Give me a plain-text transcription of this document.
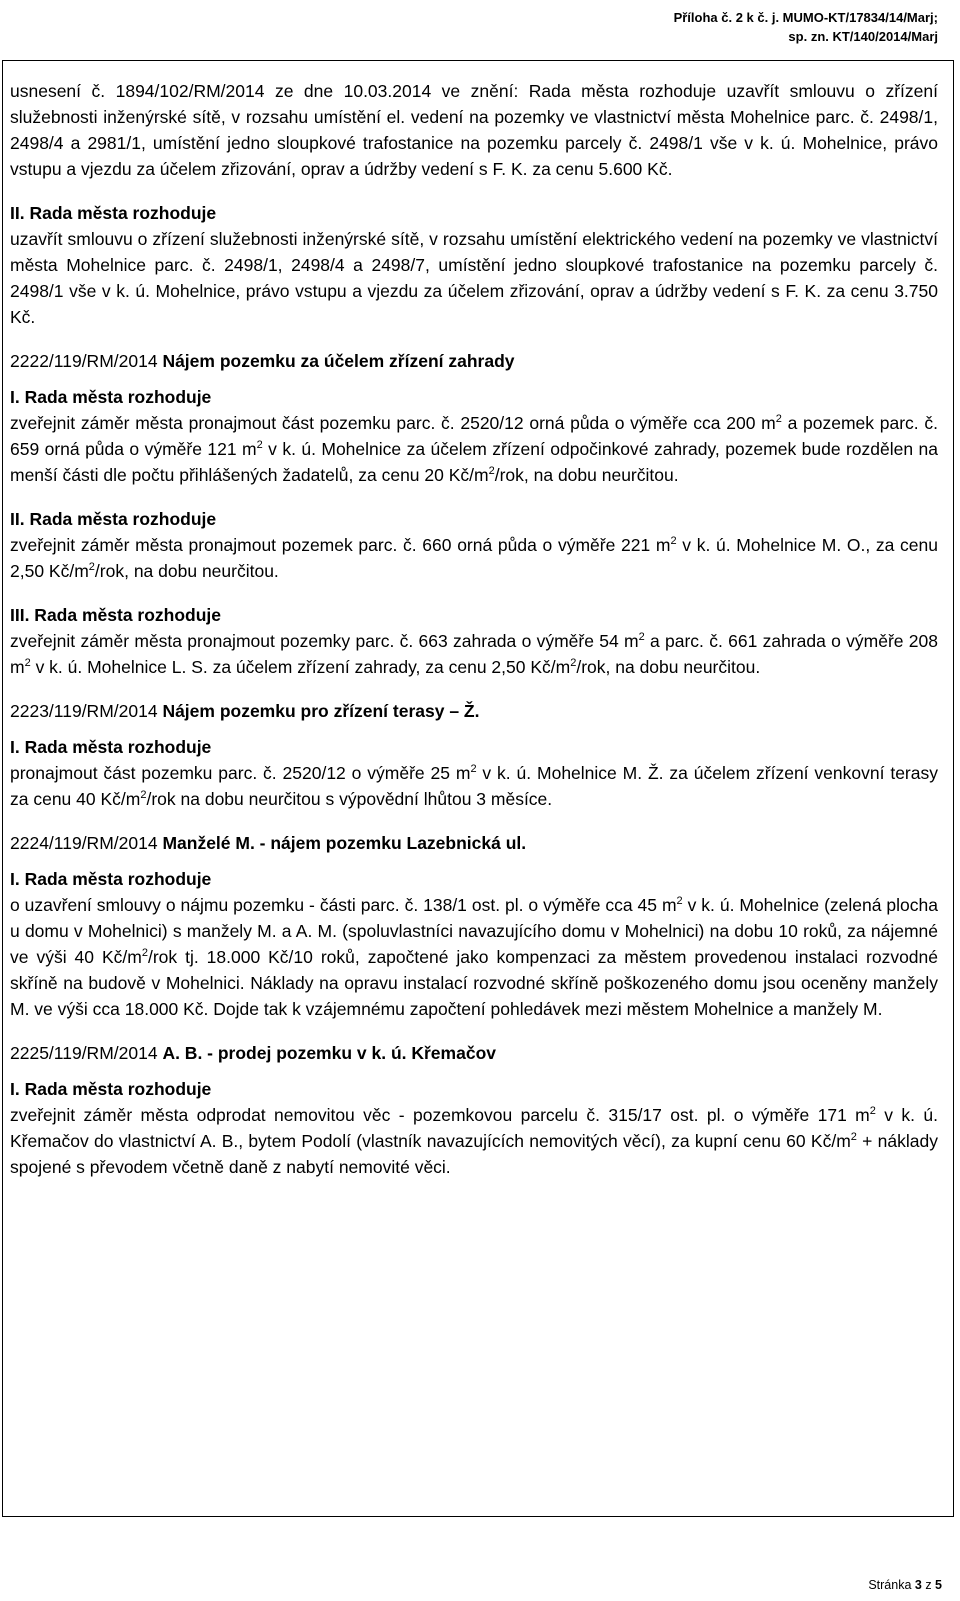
Příloha č. 2 k č. j. MUMO-KT/17834/14/Marj;
sp. zn. KT/140/2014/Marj

usnesení č. 1894/102/RM/2014 ze dne 10.03.2014 ve znění: Rada města rozhoduje uzavřít smlouvu o zřízení služebnosti inženýrské sítě, v rozsahu umístění el. vedení na pozemky ve vlastnictví města Mohelnice parc. č. 2498/1, 2498/4 a 2981/1, umístění jedno sloupkové trafostanice na pozemku parcely č. 2498/1 vše v k. ú. Mohelnice, právo vstupu a vjezdu za účelem zřizování, oprav a údržby vedení s F. K. za cenu 5.600 Kč.

II. Rada města rozhoduje

uzavřít smlouvu o zřízení služebnosti inženýrské sítě, v rozsahu umístění elektrického vedení na pozemky ve vlastnictví města Mohelnice parc. č. 2498/1, 2498/4 a 2498/7, umístění jedno sloupkové trafostanice na pozemku parcely č. 2498/1 vše v k. ú. Mohelnice, právo vstupu a vjezdu za účelem zřizování, oprav a údržby vedení s F. K. za cenu 3.750 Kč.

2222/119/RM/2014 Nájem pozemku za účelem zřízení zahrady

I. Rada města rozhoduje

zveřejnit záměr města pronajmout část pozemku parc. č. 2520/12 orná půda o výměře cca 200 $m^2$ a pozemek parc. č. 659 orná půda o výměře 121 $m^2$ v k. ú. Mohelnice za účelem zřízení odpočinkové zahrady, pozemek bude rozdělen na menší části dle počtu přihlášených žadatelů, za cenu 20 $Kč/m^2$/rok, na dobu neurčitou.

II. Rada města rozhoduje

zveřejnit záměr města pronajmout pozemek parc. č. 660 orná půda o výměře 221 $m^2$ v k. ú. Mohelnice M. O., za cenu 2,50 $Kč/m^2$/rok, na dobu neurčitou.

III. Rada města rozhoduje

zveřejnit záměr města pronajmout pozemky parc. č. 663 zahrada o výměře 54 $m^2$ a parc. č. 661 zahrada o výměře 208 $m^2$ v k. ú. Mohelnice L. S. za účelem zřízení zahrady, za cenu 2,50 $Kč/m^2$/rok, na dobu neurčitou.

2223/119/RM/2014 Nájem pozemku pro zřízení terasy – Ž.

I. Rada města rozhoduje

pronajmout část pozemku parc. č. 2520/12 o výměře 25 $m^2$ v k. ú. Mohelnice M. Ž. za účelem zřízení venkovní terasy za cenu 40 $Kč/m^2$/rok na dobu neurčitou s výpovědní lhůtou 3 měsíce.

2224/119/RM/2014 Manželé M. - nájem pozemku Lazebnická ul.

I. Rada města rozhoduje

o uzavření smlouvy o nájmu pozemku - části parc. č. 138/1 ost. pl. o výměře cca 45 $m^2$ v k. ú. Mohelnice (zelená plocha u domu v Mohelnici) s manžely M. a A. M. (spoluvlastníci navazujícího domu v Mohelnici) na dobu 10 roků, za nájemné ve výši 40 $Kč/m^2$/rok tj. 18.000 Kč/10 roků, započtené jako kompenzaci za městem provedenou instalaci rozvodné skříně na budově v Mohelnici. Náklady na opravu instalací rozvodné skříně poškozeného domu jsou oceněny manžely M. ve výši cca 18.000 Kč. Dojde tak k vzájemnému započtení pohledávek mezi městem Mohelnice a manžely M.

2225/119/RM/2014 A. B. - prodej pozemku v k. ú. Křemačov

I. Rada města rozhoduje

zveřejnit záměr města odprodat nemovitou věc - pozemkovou parcelu č. 315/17 ost. pl. o výměře 171 $m^2$ v k. ú. Křemačov do vlastnictví A. B., bytem Podolí (vlastník navazujících nemovitých věcí), za kupní cenu 60 $Kč/m^2$ + náklady spojené s převodem včetně daně z nabytí nemovité věci.

Stránka 3 z 5
